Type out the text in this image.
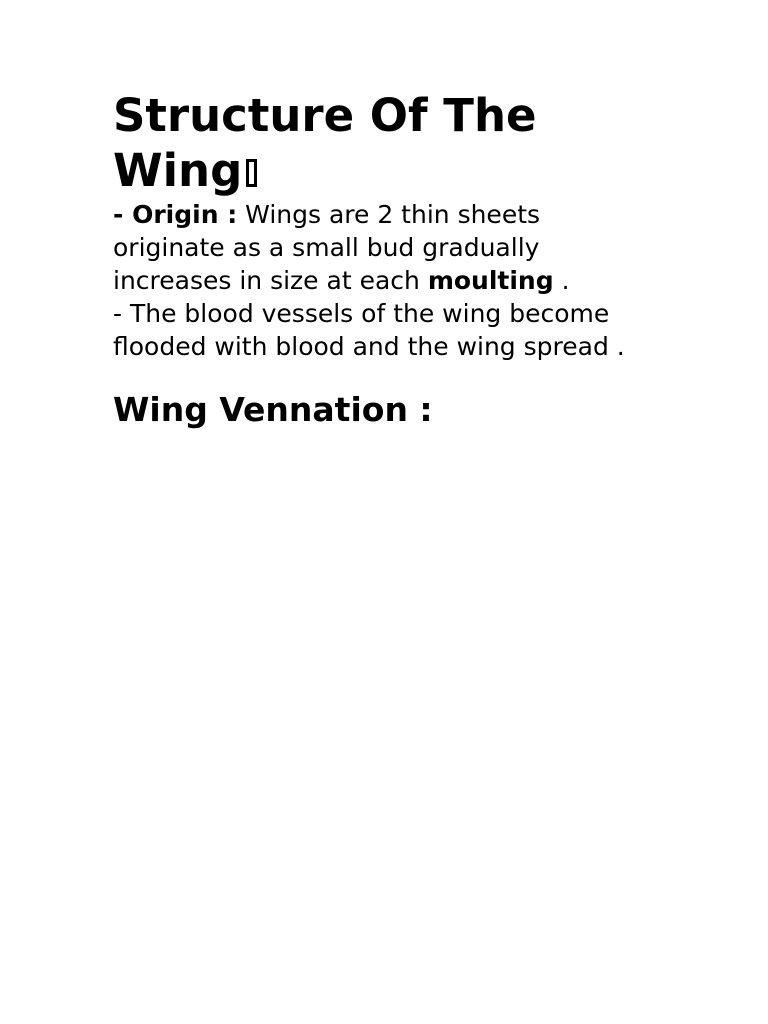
Structure Of The Wing

- Origin : Wings are 2 thin sheets originate as a small bud gradually increases in size at each moulting .

- The blood vessels of the wing become flooded with blood and the wing spread .

Wing Vennation :
